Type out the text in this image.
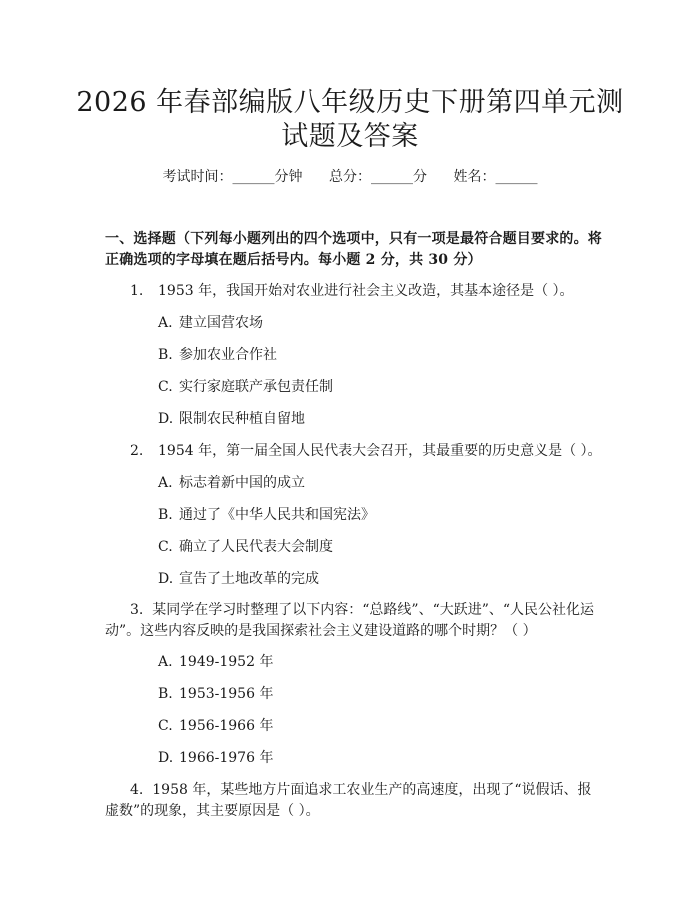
2026 年春部编版八年级历史下册第四单元测
试题及答案
考试时间：______分钟 总分：______分 姓名：______
一、选择题（下列每小题列出的四个选项中，只有一项是最符合题目要求的。将正确选项的字母填在题后括号内。每小题 2 分，共 30 分）
1. 1953 年，我国开始对农业进行社会主义改造，其基本途径是（ ）。
A. 建立国营农场
B. 参加农业合作社
C. 实行家庭联产承包责任制
D. 限制农民种植自留地
2. 1954 年，第一届全国人民代表大会召开，其最重要的历史意义是（ ）。
A. 标志着新中国的成立
B. 通过了《中华人民共和国宪法》
C. 确立了人民代表大会制度
D. 宣告了土地改革的完成
3. 某同学在学习时整理了以下内容：“总路线”、“大跃进”、“人民公社化运动”。这些内容反映的是我国探索社会主义建设道路的哪个时期？（ ）
A. 1949-1952 年
B. 1953-1956 年
C. 1956-1966 年
D. 1966-1976 年
4. 1958 年，某些地方片面追求工农业生产的高速度，出现了“说假话、报虚数”的现象，其主要原因是（ ）。
